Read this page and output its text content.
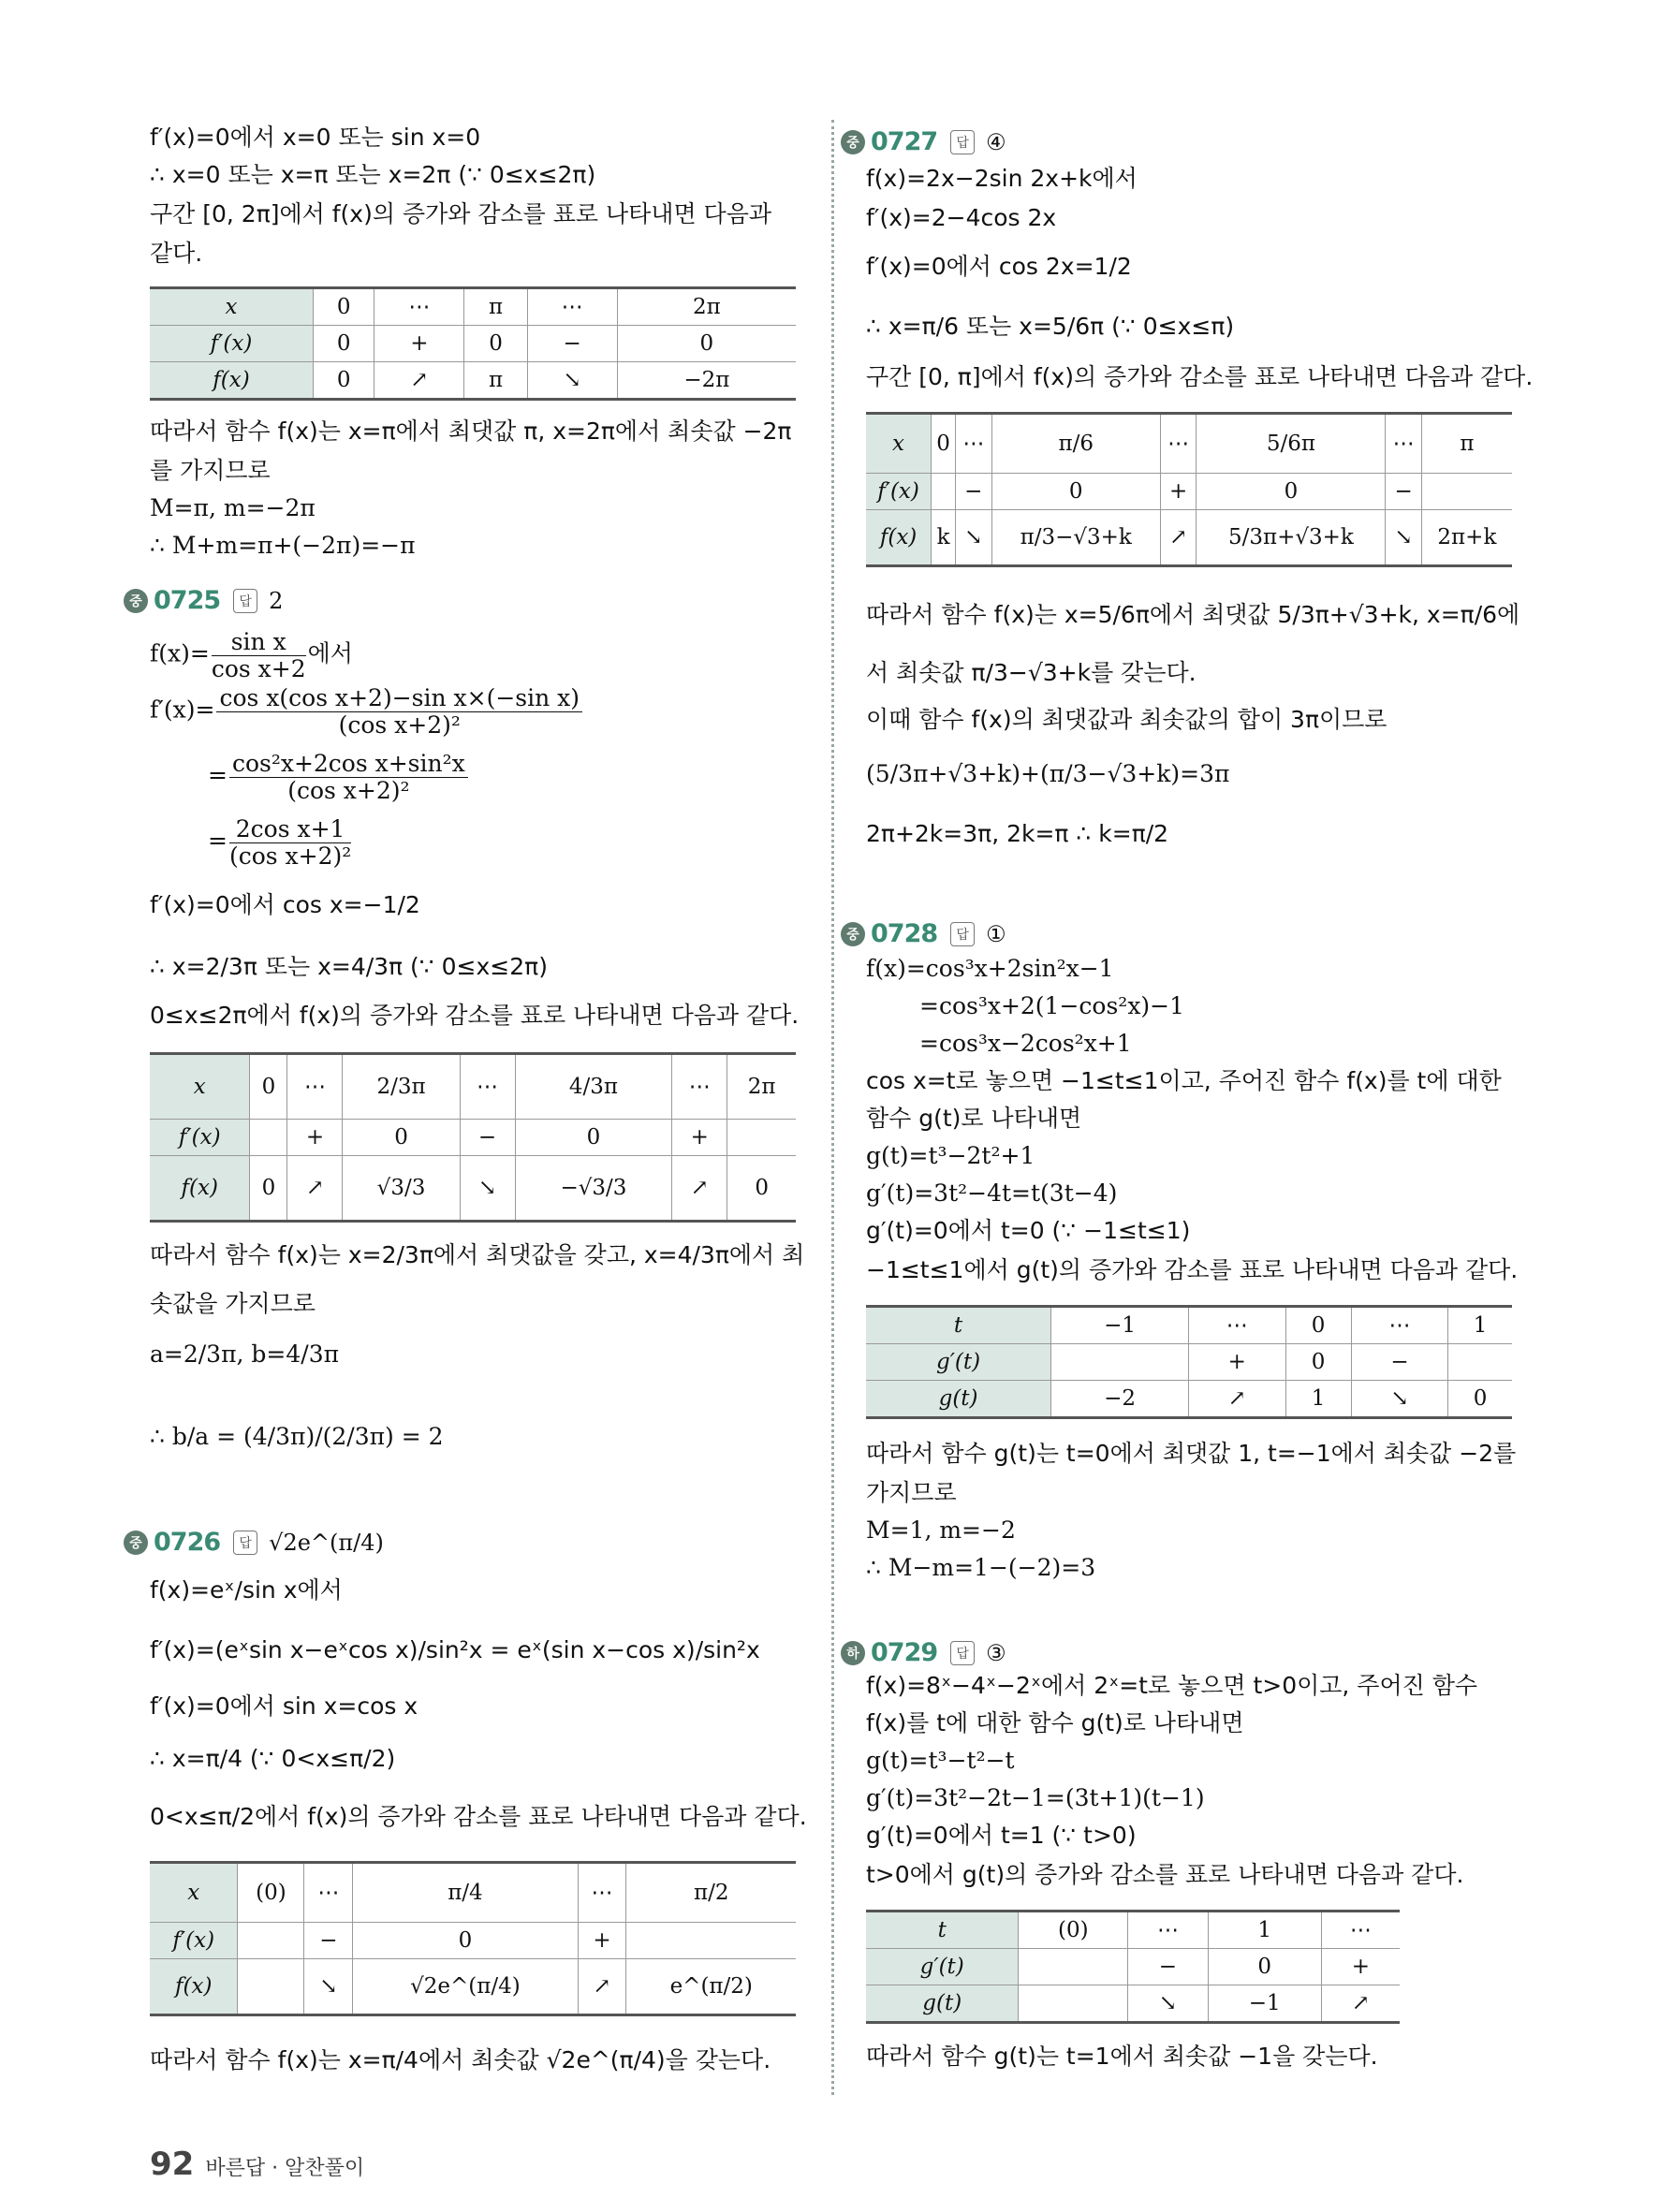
f′(x)=0에서 x=0 또는 sin x=0
∴ x=0 또는 x=π 또는 x=2π (∵ 0≤x≤2π)
구간 [0, 2π]에서 f(x)의 증가와 감소를 표로 나타내면 다음과
같다.
x	0	⋯	π	⋯	2π
f′(x)	0	+	0	−	0
f(x)	0	↗	π	↘	−2π
따라서 함수 f(x)는 x=π에서 최댓값 π, x=2π에서 최솟값 −2π
를 가지므로
M=π, m=−2π
∴ M+m=π+(−2π)=−π
중 0725	답 2
$f(x)= \frac{\text{sin x}}{\text{cos x+2}}$ 에서
$f'(x)= \frac{\text{cos x(cos x+2)−sin x×(−sin x)}}{\text{(cos x+2)²}}$
= $\frac{\text{cos²x+2cos x+sin²x}}{\text{(cos x+2)²}}$
= $\frac{\text{2cos x+1}}{\text{(cos x+2)²}}$
f′(x)=0에서 cos x=−1/2
∴ x=2/3π 또는 x=4/3π (∵ 0≤x≤2π)
0≤x≤2π에서 f(x)의 증가와 감소를 표로 나타내면 다음과 같다.
x	0	⋯	2/3π	⋯	4/3π	⋯	2π
f′(x)		+	0	−	0	+	
f(x)	0	↗	√3/3	↘	−√3/3	↗	0
따라서 함수 f(x)는 x=2/3π에서 최댓값을 갖고, x=4/3π에서 최
솟값을 가지므로
a=2/3π, b=4/3π
∴ b/a = (4/3π)/(2/3π) = 2
중 0726	답 √2e^(π/4)
f(x)=eˣ/sin x에서
f′(x)=(eˣsin x−eˣcos x)/sin²x = eˣ(sin x−cos x)/sin²x
f′(x)=0에서 sin x=cos x
∴ x=π/4 (∵ 0<x≤π/2)
0<x≤π/2에서 f(x)의 증가와 감소를 표로 나타내면 다음과 같다.
x	(0)	⋯	π/4	⋯	π/2
f′(x)		−	0	+	
f(x)		↘	√2e^(π/4)	↗	e^(π/2)
따라서 함수 f(x)는 x=π/4에서 최솟값 √2e^(π/4)을 갖는다.
중 0727	답 ④
f(x)=2x−2sin 2x+k에서
f′(x)=2−4cos 2x
f′(x)=0에서 cos 2x=1/2
∴ x=π/6 또는 x=5/6π (∵ 0≤x≤π)
구간 [0, π]에서 f(x)의 증가와 감소를 표로 나타내면 다음과 같다.
x	0	⋯	π/6	⋯	5/6π	⋯	π
f′(x)		−	0	+	0	−	
f(x)	k	↘	π/3−√3+k	↗	5/3π+√3+k	↘	2π+k
따라서 함수 f(x)는 x=5/6π에서 최댓값 5/3π+√3+k, x=π/6에
서 최솟값 π/3−√3+k를 갖는다.
이때 함수 f(x)의 최댓값과 최솟값의 합이 3π이므로
(5/3π+√3+k)+(π/3−√3+k)=3π
2π+2k=3π, 2k=π ∴ k=π/2
중 0728	답 ①
f(x)=cos³x+2sin²x−1
=cos³x+2(1−cos²x)−1
=cos³x−2cos²x+1
cos x=t로 놓으면 −1≤t≤1이고, 주어진 함수 f(x)를 t에 대한
함수 g(t)로 나타내면
g(t)=t³−2t²+1
g′(t)=3t²−4t=t(3t−4)
g′(t)=0에서 t=0 (∵ −1≤t≤1)
−1≤t≤1에서 g(t)의 증가와 감소를 표로 나타내면 다음과 같다.
t	−1	⋯	0	⋯	1
g′(t)		+	0	−	
g(t)	−2	↗	1	↘	0
따라서 함수 g(t)는 t=0에서 최댓값 1, t=−1에서 최솟값 −2를
가지므로
M=1, m=−2
∴ M−m=1−(−2)=3
하 0729	답 ③
f(x)=8ˣ−4ˣ−2ˣ에서 2ˣ=t로 놓으면 t>0이고, 주어진 함수
f(x)를 t에 대한 함수 g(t)로 나타내면
g(t)=t³−t²−t
g′(t)=3t²−2t−1=(3t+1)(t−1)
g′(t)=0에서 t=1 (∵ t>0)
t>0에서 g(t)의 증가와 감소를 표로 나타내면 다음과 같다.
t	(0)	⋯	1	⋯
g′(t)		−	0	+
g(t)		↘	−1	↗
따라서 함수 g(t)는 t=1에서 최솟값 −1을 갖는다.
92 바른답 · 알찬풀이
